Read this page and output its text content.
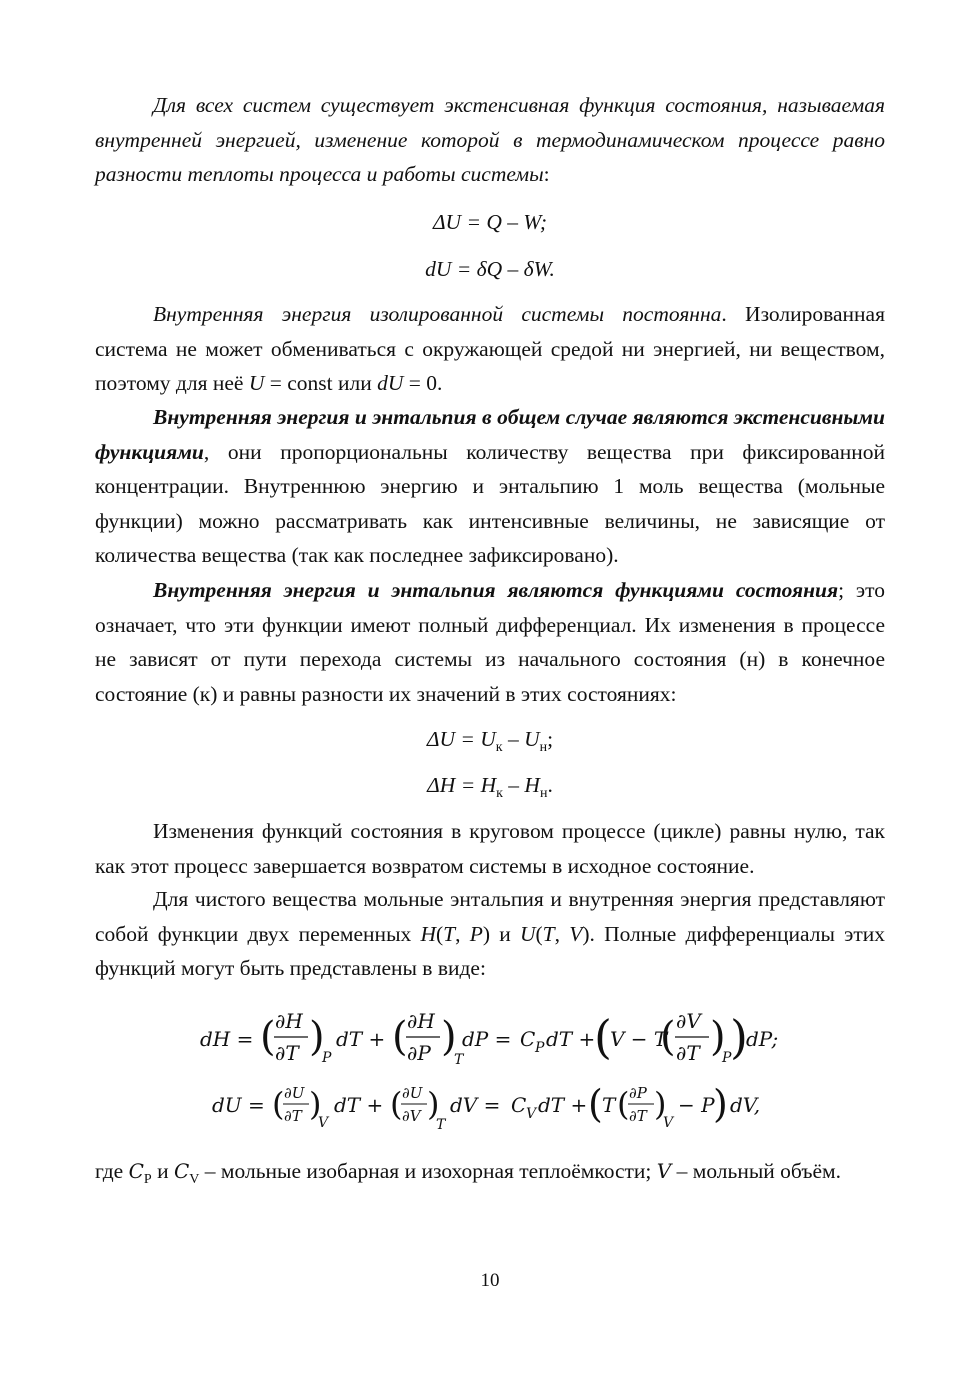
Для всех систем существует экстенсивная функция состояния, называемая внутренней энергией, изменение которой в термодинамическом процессе равно разности теплоты процесса и работы системы:

ΔU = Q – W;
dU = δQ – δW.

Внутренняя энергия изолированной системы постоянна. Изолированная система не может обмениваться с окружающей средой ни энергией, ни веществом, поэтому для неё U = const или dU = 0.

Внутренняя энергия и энтальпия в общем случае являются экстенсивными функциями, они пропорциональны количеству вещества при фиксированной концентрации. Внутреннюю энергию и энтальпию 1 моль вещества (мольные функции) можно рассматривать как интенсивные величины, не зависящие от количества вещества (так как последнее зафиксировано).

Внутренняя энергия и энтальпия являются функциями состояния; это означает, что эти функции имеют полный дифференциал. Их изменения в процессе не зависят от пути перехода системы из начального состояния (н) в конечное состояние (к) и равны разности их значений в этих состояниях:

$\Delta U = U_к - U_н$;
$\Delta H = H_к - H_н$.

Изменения функций состояния в круговом процессе (цикле) равны нулю, так как этот процесс завершается возвратом системы в исходное состояние.

Для чистого вещества мольные энтальпия и внутренняя энергия представляют собой функции двух переменных H(T, P) и U(T, V). Полные дифференциалы этих функций могут быть представлены в виде:

dH = ( ∂H
∂T )
P
dT + ( ∂H
∂P )
T
dP = C P dT +
(
V − T
( ∂V
∂T )
P
)
dP;
dU = ( ∂U
∂T )
V
dT + ( ∂U
∂V )
T
dV = C V dT + ( T ( ∂P
∂T )
V
− P
) dV,

где $C_P$ и $C_V$ – мольные изобарная и изохорная теплоёмкости; V – мольный объём.

10
